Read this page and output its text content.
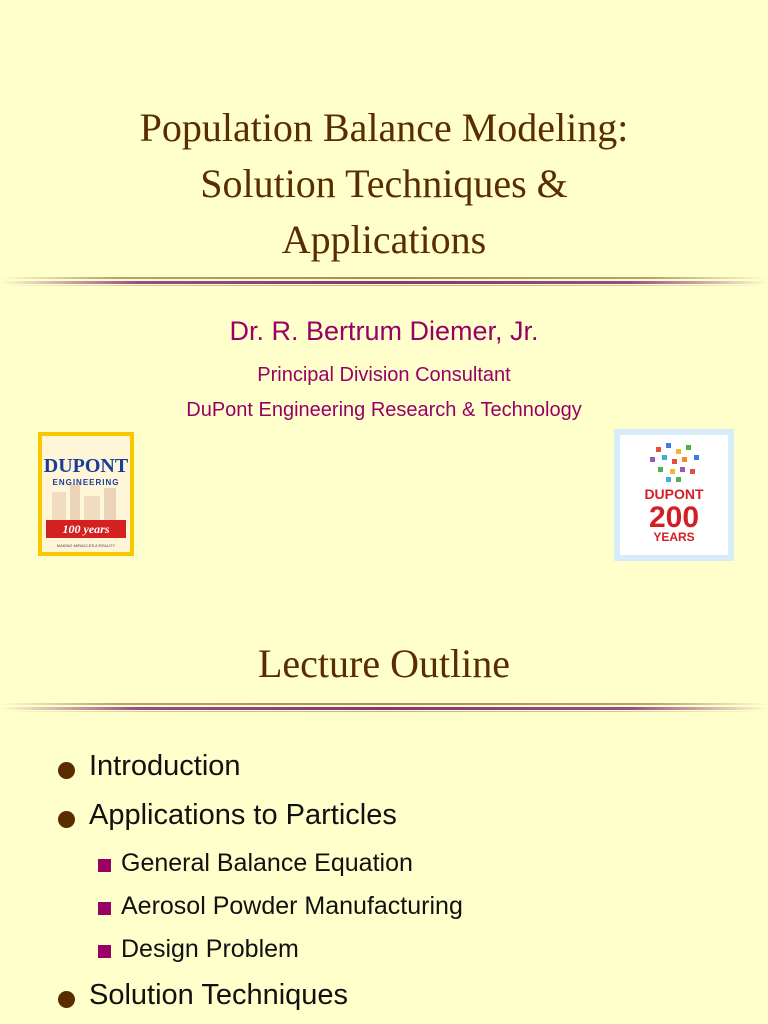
Population Balance Modeling:
Solution Techniques &
Applications
Dr. R. Bertrum Diemer, Jr.
Principal Division Consultant
DuPont Engineering Research & Technology
DUPONT
ENGINEERING
100 years
MAKING MIRACLES A REALITY
DUPONT
200
YEARS
Lecture Outline
Introduction
Applications to Particles
General Balance Equation
Aerosol Powder Manufacturing
Design Problem
Solution Techniques
